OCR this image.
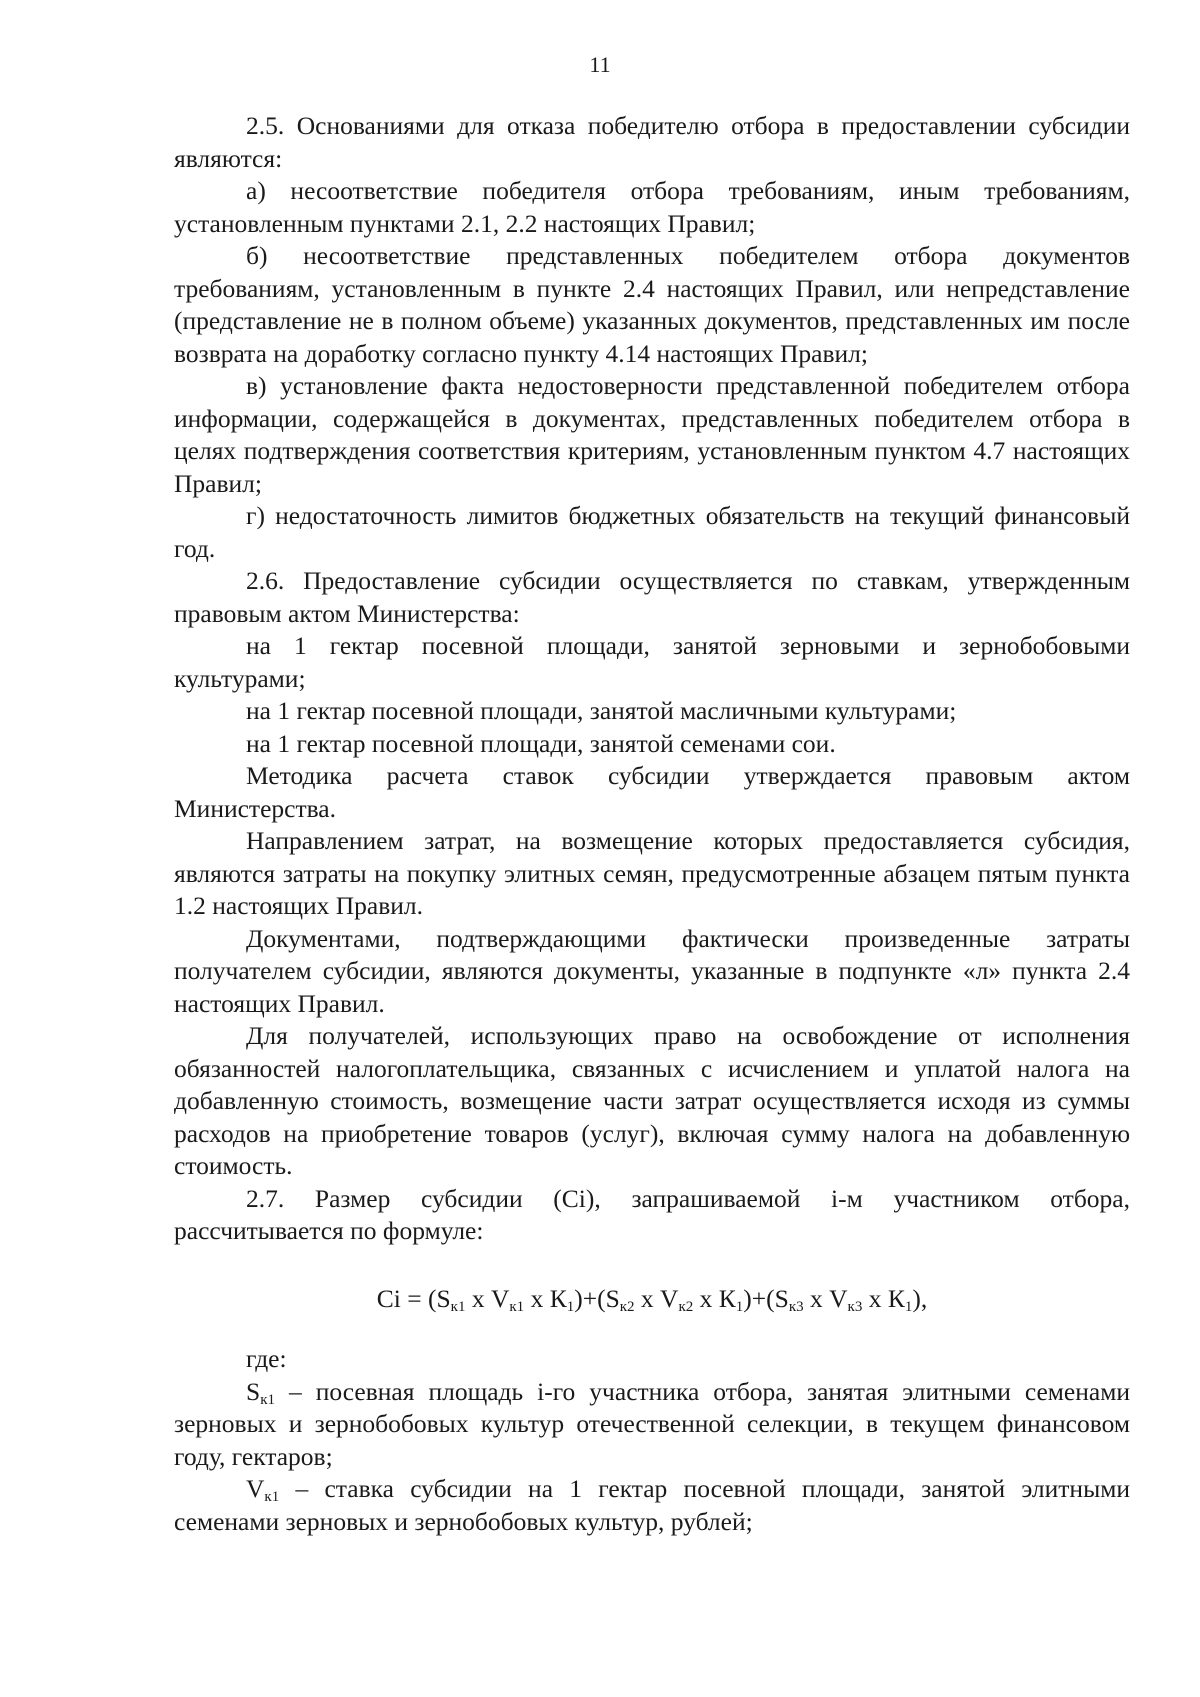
11

2.5. Основаниями для отказа победителю отбора в предоставлении субсидии являются:

а) несоответствие победителя отбора требованиям, иным требованиям, установленным пунктами 2.1, 2.2 настоящих Правил;

б) несоответствие представленных победителем отбора документов требованиям, установленным в пункте 2.4 настоящих Правил, или непредставление (представление не в полном объеме) указанных документов, представленных им после возврата на доработку согласно пункту 4.14 настоящих Правил;

в) установление факта недостоверности представленной победителем отбора информации, содержащейся в документах, представленных победителем отбора в целях подтверждения соответствия критериям, установленным пунктом 4.7 настоящих Правил;

г) недостаточность лимитов бюджетных обязательств на текущий финансовый год.

2.6. Предоставление субсидии осуществляется по ставкам, утвержденным правовым актом Министерства:

на 1 гектар посевной площади, занятой зерновыми и зернобобовыми культурами;

на 1 гектар посевной площади, занятой масличными культурами;

на 1 гектар посевной площади, занятой семенами сои.

Методика расчета ставок субсидии утверждается правовым актом Министерства.

Направлением затрат, на возмещение которых предоставляется субсидия, являются затраты на покупку элитных семян, предусмотренные абзацем пятым пункта 1.2 настоящих Правил.

Документами, подтверждающими фактически произведенные затраты получателем субсидии, являются документы, указанные в подпункте «л» пункта 2.4 настоящих Правил.

Для получателей, использующих право на освобождение от исполнения обязанностей налогоплательщика, связанных с исчислением и уплатой налога на добавленную стоимость, возмещение части затрат осуществляется исходя из суммы расходов на приобретение товаров (услуг), включая сумму налога на добавленную стоимость.

2.7. Размер субсидии (Ci), запрашиваемой i-м участником отбора, рассчитывается по формуле:

$Ci = (S_{к1}$ х $V_{к1}$ х $К_1)+(S_{к2}$ х $V_{к2}$ х $К_1)+(S_{к3}$ х $V_{к3}$ х $К_1$),

где:

$S_{к1}$ – посевная площадь i-го участника отбора, занятая элитными семенами зерновых и зернобобовых культур отечественной селекции, в текущем финансовом году, гектаров;

$V_{к1}$ – ставка субсидии на 1 гектар посевной площади, занятой элитными семенами зерновых и зернобобовых культур, рублей;
